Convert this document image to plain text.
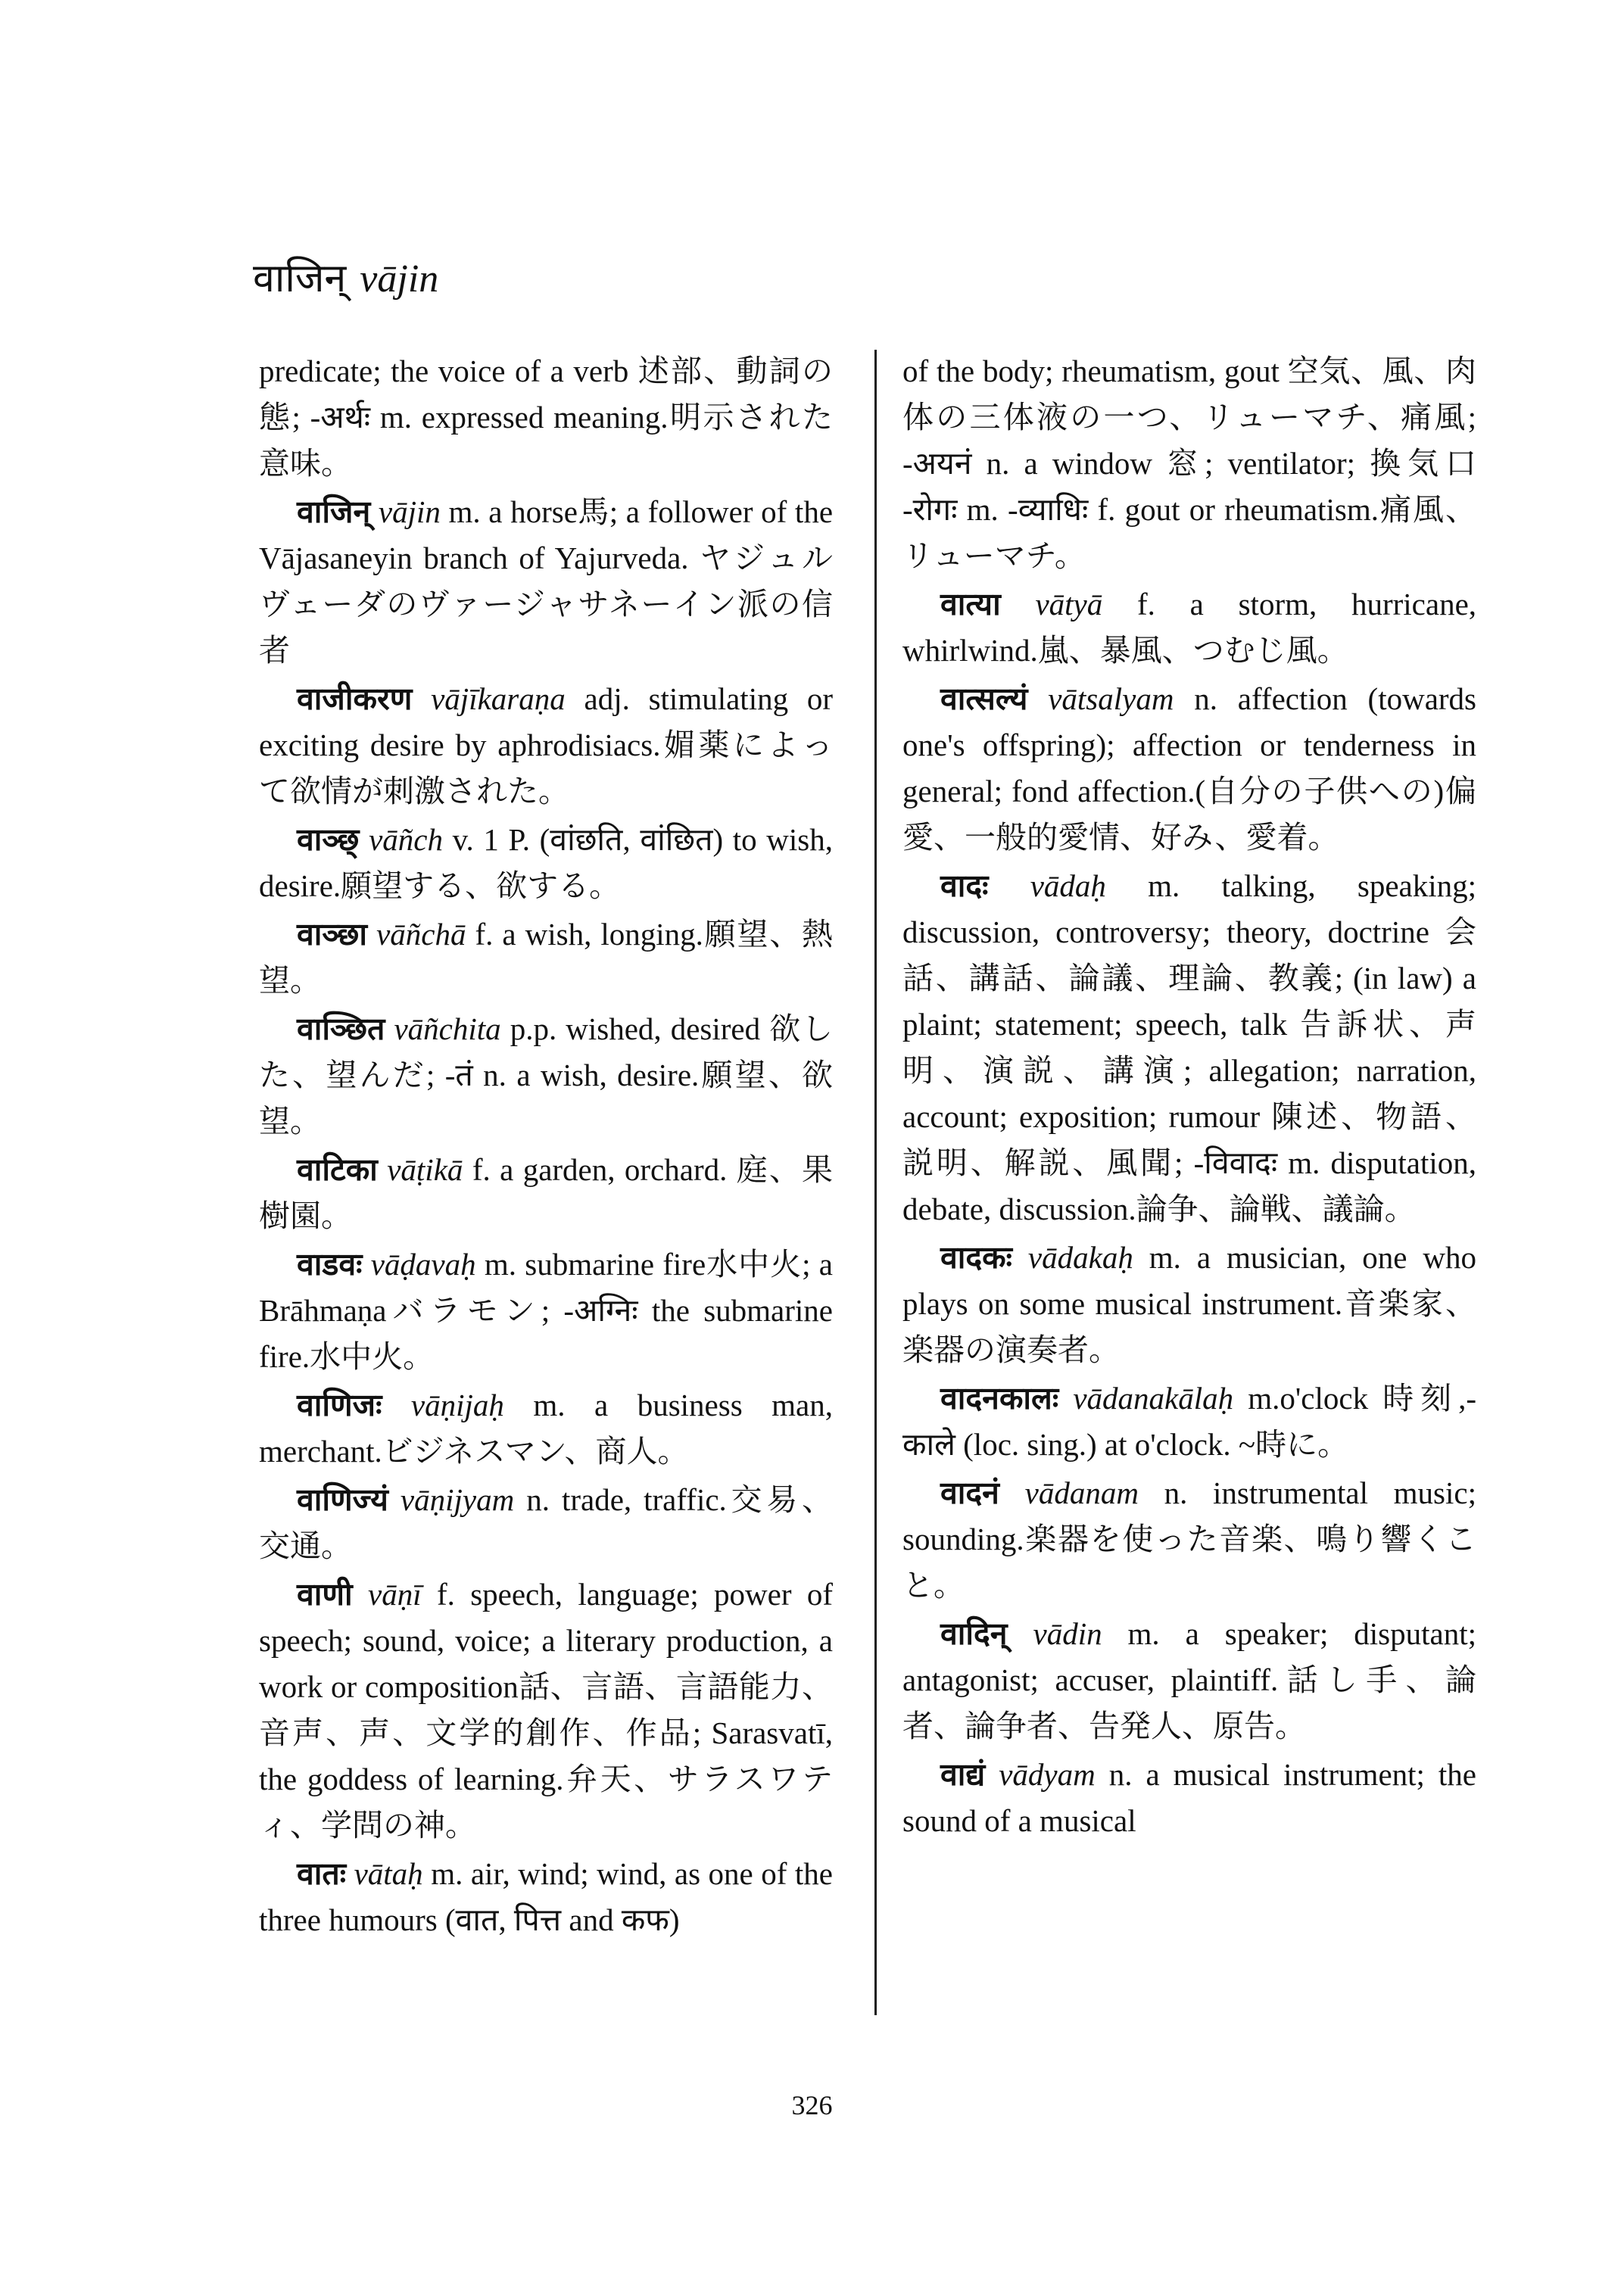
वाजिन् vājin

predicate; the voice of a verb 述部、動詞の態; -अर्थः m. expressed meaning.明示された意味。

वाजिन् vājin m. a horse馬; a follower of the Vājasaneyin branch of Yajurveda. ヤジュルヴェーダのヴァージャサネーイン派の信者

वाजीकरण vājīkaraṇa adj. stimulating or exciting desire by aphrodisiacs.媚薬によって欲情が刺激された。

वाञ्छ् vāñch v. 1 P. (वांछति, वांछित) to wish, desire.願望する、欲する。

वाञ्छा vāñchā f. a wish, longing.願望、熱望。

वाञ्छित vāñchita p.p. wished, desired 欲した、望んだ; -तं n. a wish, desire.願望、欲望。

वाटिका vāṭikā f. a garden, orchard. 庭、果樹園。

वाडवः vāḍavaḥ m. submarine fire水中火; a Brāhmaṇaバラモン; -अग्निः the submarine fire.水中火。

वाणिजः vāṇijaḥ m. a business man, merchant.ビジネスマン、商人。

वाणिज्यं vāṇijyam n. trade, traffic.交易、交通。

वाणी vāṇī f. speech, language; power of speech; sound, voice; a literary production, a work or composition話、言語、言語能力、音声、声、文学的創作、作品; Sarasvatī, the goddess of learning.弁天、サラスワティ、学問の神。

वातः vātaḥ m. air, wind; wind, as one of the three humours (वात, पित्त and कफ)

of the body; rheumatism, gout 空気、風、肉体の三体液の一つ、リューマチ、痛風; -अयनं n. a window 窓; ventilator; 換気口 -रोगः m. -व्याधिः f. gout or rheumatism.痛風、リューマチ。

वात्या vātyā f. a storm, hurricane, whirlwind.嵐、暴風、つむじ風。

वात्सल्यं vātsalyam n. affection (towards one's offspring); affection or tenderness in general; fond affection.(自分の子供への)偏愛、一般的愛情、好み、愛着。

वादः vādaḥ m. talking, speaking; discussion, controversy; theory, doctrine 会話、講話、論議、理論、教義; (in law) a plaint; statement; speech, talk 告訴状、声明、演説、講演; allegation; narration, account; exposition; rumour 陳述、物語、説明、解説、風聞; -विवादः m. disputation, debate, discussion.論争、論戦、議論。

वादकः vādakaḥ m. a musician, one who plays on some musical instrument.音楽家、楽器の演奏者。

वादनकालः vādanakālaḥ m.o'clock 時刻,-काले (loc. sing.) at o'clock. ~時に。

वादनं vādanam n. instrumental music; sounding.楽器を使った音楽、鳴り響くこと。

वादिन् vādin m. a speaker; disputant; antagonist; accuser, plaintiff.話し手、論者、論争者、告発人、原告。

वाद्यं vādyam n. a musical instrument; the sound of a musical

326
